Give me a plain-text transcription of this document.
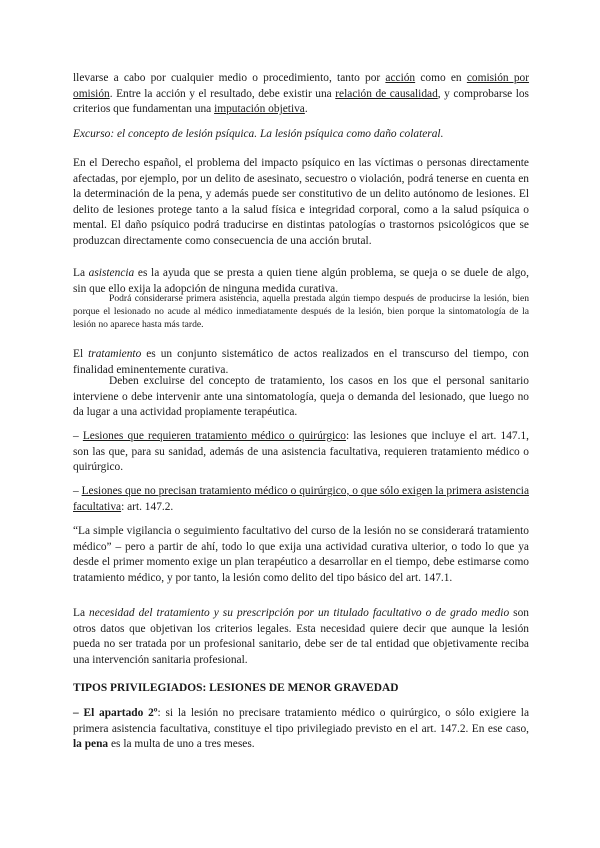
llevarse a cabo por cualquier medio o procedimiento, tanto por acción como en comisión por omisión. Entre la acción y el resultado, debe existir una relación de causalidad, y comprobarse los criterios que fundamentan una imputación objetiva.

Excurso: el concepto de lesión psíquica. La lesión psíquica como daño colateral.

En el Derecho español, el problema del impacto psíquico en las víctimas o personas directamente afectadas, por ejemplo, por un delito de asesinato, secuestro o violación, podrá tenerse en cuenta en la determinación de la pena, y además puede ser constitutivo de un delito autónomo de lesiones. El delito de lesiones protege tanto a la salud física e integridad corporal, como a la salud psíquica o mental. El daño psíquico podrá traducirse en distintas patologías o trastornos psicológicos que se produzcan directamente como consecuencia de una acción brutal.

La asistencia es la ayuda que se presta a quien tiene algún problema, se queja o se duele de algo, sin que ello exija la adopción de ninguna medida curativa.

Podrá considerarse primera asistencia, aquella prestada algún tiempo después de producirse la lesión, bien porque el lesionado no acude al médico inmediatamente después de la lesión, bien porque la sintomatología de la lesión no aparece hasta más tarde.

El tratamiento es un conjunto sistemático de actos realizados en el transcurso del tiempo, con finalidad eminentemente curativa.

Deben excluirse del concepto de tratamiento, los casos en los que el personal sanitario interviene o debe intervenir ante una sintomatología, queja o demanda del lesionado, que luego no da lugar a una actividad propiamente terapéutica.

– Lesiones que requieren tratamiento médico o quirúrgico: las lesiones que incluye el art. 147.1, son las que, para su sanidad, además de una asistencia facultativa, requieren tratamiento médico o quirúrgico.

– Lesiones que no precisan tratamiento médico o quirúrgico, o que sólo exigen la primera asistencia facultativa: art. 147.2.

“La simple vigilancia o seguimiento facultativo del curso de la lesión no se considerará tratamiento médico” – pero a partir de ahí, todo lo que exija una actividad curativa ulterior, o todo lo que ya desde el primer momento exige un plan terapéutico a desarrollar en el tiempo, debe estimarse como tratamiento médico, y por tanto, la lesión como delito del tipo básico del art. 147.1.

La necesidad del tratamiento y su prescripción por un titulado facultativo o de grado medio son otros datos que objetivan los criterios legales. Esta necesidad quiere decir que aunque la lesión pueda no ser tratada por un profesional sanitario, debe ser de tal entidad que objetivamente reciba una intervención sanitaria profesional.

TIPOS PRIVILEGIADOS: LESIONES DE MENOR GRAVEDAD

– El apartado 2º: si la lesión no precisare tratamiento médico o quirúrgico, o sólo exigiere la primera asistencia facultativa, constituye el tipo privilegiado previsto en el art. 147.2. En ese caso, la pena es la multa de uno a tres meses.
